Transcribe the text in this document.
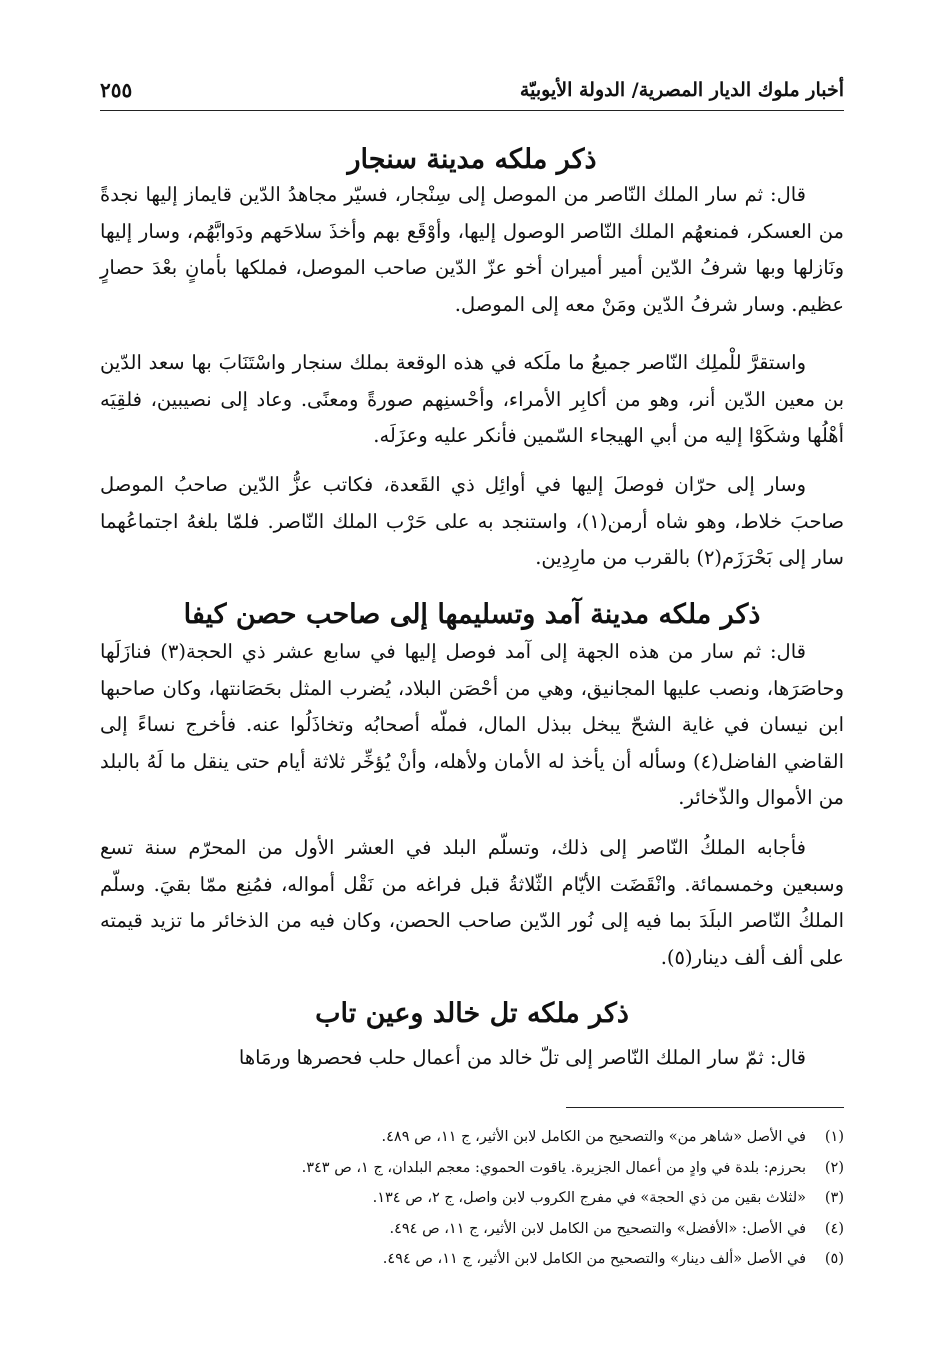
أخبار ملوك الديار المصرية/ الدولة الأيوبيّة
٢٥٥
ذكر ملكه مدينة سنجار

قال: ثم سار الملك النّاصر من الموصل إلى سِنْجار، فسيّر مجاهدُ الدّين قايماز إليها نجدةً من العسكر، فمنعهُم الملك النّاصر الوصول إليها، وأوْقَع بهم وأخذَ سلاحَهم ودَوابَّهُم، وسار إليها ونَازلها وبها شرفُ الدّين أمير أميران أخو عزّ الدّين صاحب الموصل، فملكها بأمانٍ بعْدَ حصارٍ عظيم. وسار شرفُ الدّين ومَنْ معه إلى الموصل.

واستقرَّ للْملِك النّاصر جميعُ ما ملَكه في هذه الوقعة بملك سنجار واسْتَنَابَ بها سعد الدّين بن معين الدّين أنر، وهو من أكابِر الأمراء، وأحْسنِهم صورةً ومعنًى. وعاد إلى نصيبين، فلقِيَه أهْلُها وشكَوْا إليه من أبي الهيجاء السّمين فأنكر عليه وعزَلَه.

وسار إلى حرّان فوصلَ إليها في أوائِل ذي القَعدة، فكاتب عزُّ الدّين صاحبُ الموصل صاحبَ خلاط، وهو شاه أرمن(١)، واستنجد به على حَرْب الملك النّاصر. فلمّا بلغهُ اجتماعُهما سار إلى بَحْرَزَم(٢) بالقرب من مارِدِين.

ذكر ملكه مدينة آمد وتسليمها إلى صاحب حصن كيفا

قال: ثم سار من هذه الجهة إلى آمد فوصل إليها في سابع عشر ذي الحجة(٣) فنازَلَها وحاصَرَها، ونصب عليها المجانيق، وهي من أحْصَن البلاد، يُضرب المثل بحَصَانتها، وكان صاحبها ابن نيسان في غاية الشحّ يبخل ببذل المال، فملّه أصحابُه وتخاذَلُوا عنه. فأخرج نساءً إلى القاضي الفاضل(٤) وسأله أن يأخذ له الأمان ولأهله، وأنْ يُؤخِّر ثلاثة أيام حتى ينقل ما لَهُ بالبلد من الأموال والذّخائر.

فأجابه الملكُ النّاصر إلى ذلك، وتسلّم البلد في العشر الأول من المحرّم سنة تسع وسبعين وخمسمائة. وانْقَضَت الأيّام الثّلاثةُ قبل فراغه من نَقْل أمواله، فمُنِع ممّا بقيَ. وسلّم الملكُ النّاصر البلَدَ بما فيه إلى نُور الدّين صاحب الحصن، وكان فيه من الذخائر ما تزيد قيمته على ألف ألف دينار(٥).

ذكر ملكه تل خالد وعين تاب

قال: ثمّ سار الملك النّاصر إلى تلّ خالد من أعمال حلب فحصرها ورمَاها

(١)
في الأصل «شاهر من» والتصحيح من الكامل لابن الأثير، ج ١١، ص ٤٨٩.
(٢)
بحرزم: بلدة في وادٍ من أعمال الجزيرة. ياقوت الحموي: معجم البلدان، ج ١، ص ٣٤٣.
(٣)
«لثلاث بقين من ذي الحجة» في مفرج الكروب لابن واصل، ج ٢، ص ١٣٤.
(٤)
في الأصل: «الأفضل» والتصحيح من الكامل لابن الأثير، ج ١١، ص ٤٩٤.
(٥)
في الأصل «ألف دينار» والتصحيح من الكامل لابن الأثير، ج ١١، ص ٤٩٤.
